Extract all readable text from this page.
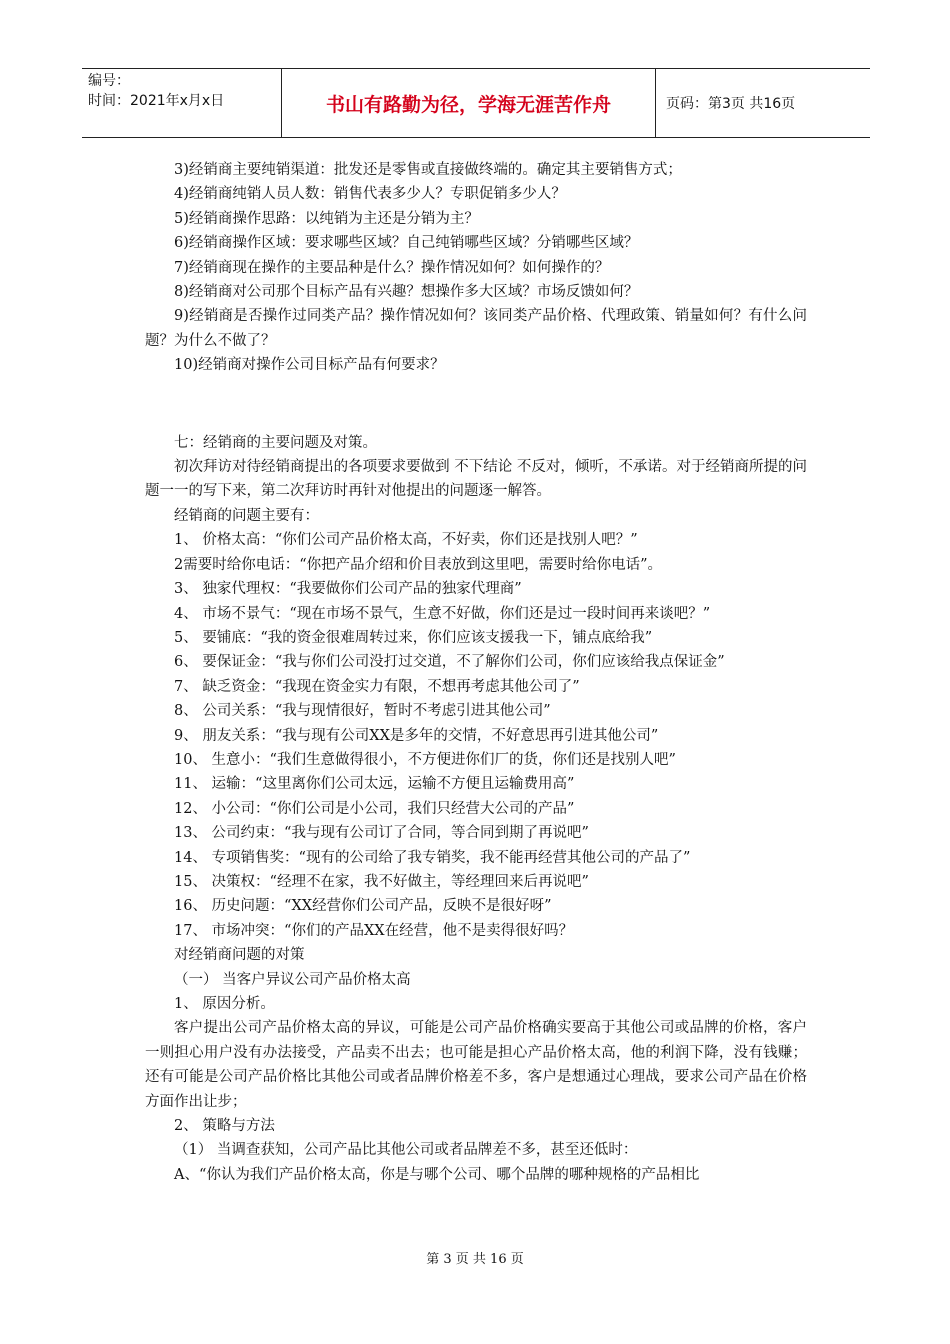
编号：
时间：2021年x月x日	书山有路勤为径，学海无涯苦作舟	页码：第3页 共16页

3)经销商主要纯销渠道：批发还是零售或直接做终端的。确定其主要销售方式；

4)经销商纯销人员人数：销售代表多少人？专职促销多少人？

5)经销商操作思路：以纯销为主还是分销为主？

6)经销商操作区域：要求哪些区域？自己纯销哪些区域？分销哪些区域？

7)经销商现在操作的主要品种是什么？操作情况如何？如何操作的？

8)经销商对公司那个目标产品有兴趣？想操作多大区域？市场反馈如何？

9)经销商是否操作过同类产品？操作情况如何？该同类产品价格、代理政策、销量如何？有什么问题？为什么不做了？

10)经销商对操作公司目标产品有何要求？

七：经销商的主要问题及对策。

初次拜访对待经销商提出的各项要求要做到 不下结论 不反对，倾听，不承诺。对于经销商所提的问题一一的写下来，第二次拜访时再针对他提出的问题逐一解答。

经销商的问题主要有：

1、 价格太高：“你们公司产品价格太高，不好卖，你们还是找别人吧？”

2需要时给你电话：“你把产品介绍和价目表放到这里吧，需要时给你电话”。

3、 独家代理权：“我要做你们公司产品的独家代理商”

4、 市场不景气：“现在市场不景气，生意不好做，你们还是过一段时间再来谈吧？”

5、 要铺底：“我的资金很难周转过来，你们应该支援我一下，铺点底给我”

6、 要保证金：“我与你们公司没打过交道，不了解你们公司，你们应该给我点保证金”

7、 缺乏资金：“我现在资金实力有限，不想再考虑其他公司了”

8、 公司关系：“我与现情很好，暂时不考虑引进其他公司”

9、 朋友关系：“我与现有公司XX是多年的交情，不好意思再引进其他公司”

10、 生意小：“我们生意做得很小，不方便进你们厂的货，你们还是找别人吧”

11、 运输：“这里离你们公司太远，运输不方便且运输费用高”

12、 小公司：“你们公司是小公司，我们只经营大公司的产品”

13、 公司约束：“我与现有公司订了合同，等合同到期了再说吧”

14、 专项销售奖：“现有的公司给了我专销奖，我不能再经营其他公司的产品了”

15、 决策权：“经理不在家，我不好做主，等经理回来后再说吧”

16、 历史问题：“XX经营你们公司产品，反映不是很好呀”

17、 市场冲突：“你们的产品XX在经营，他不是卖得很好吗？

对经销商问题的对策

（一） 当客户异议公司产品价格太高

1、 原因分析。

客户提出公司产品价格太高的异议，可能是公司产品价格确实要高于其他公司或品牌的价格，客户一则担心用户没有办法接受，产品卖不出去；也可能是担心产品价格太高，他的利润下降，没有钱赚；还有可能是公司产品价格比其他公司或者品牌价格差不多，客户是想通过心理战，要求公司产品在价格方面作出让步；

2、 策略与方法

（1） 当调查获知，公司产品比其他公司或者品牌差不多，甚至还低时：

A、“你认为我们产品价格太高，你是与哪个公司、哪个品牌的哪种规格的产品相比

第 3 页 共 16 页
